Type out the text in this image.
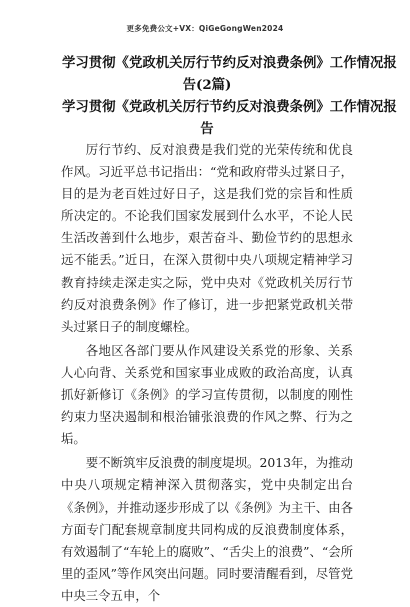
更多免费公文+VX：QiGeGongWen2024
学习贯彻《党政机关厉行节约反对浪费条例》工作情况报
告(2篇)
学习贯彻《党政机关厉行节约反对浪费条例》工作情况报
告

厉行节约、反对浪费是我们党的光荣传统和优良作风。习近平总书记指出：“党和政府带头过紧日子，目的是为老百姓过好日子，这是我们党的宗旨和性质所决定的。不论我们国家发展到什么水平，不论人民生活改善到什么地步，艰苦奋斗、勤俭节约的思想永远不能丢。”近日，在深入贯彻中央八项规定精神学习教育持续走深走实之际，党中央对《党政机关厉行节约反对浪费条例》作了修订，进一步把紧党政机关带头过紧日子的制度螺栓。

各地区各部门要从作风建设关系党的形象、关系人心向背、关系党和国家事业成败的政治高度，认真抓好新修订《条例》的学习宣传贯彻，以制度的刚性约束力坚决遏制和根治铺张浪费的作风之弊、行为之垢。

要不断筑牢反浪费的制度堤坝。2013年，为推动中央八项规定精神深入贯彻落实，党中央制定出台《条例》，并推动逐步形成了以《条例》为主干、由各方面专门配套规章制度共同构成的反浪费制度体系，有效遏制了“车轮上的腐败”、“舌尖上的浪费”、“会所里的歪风”等作风突出问题。同时要清醒看到，尽管党中央三令五申，个
